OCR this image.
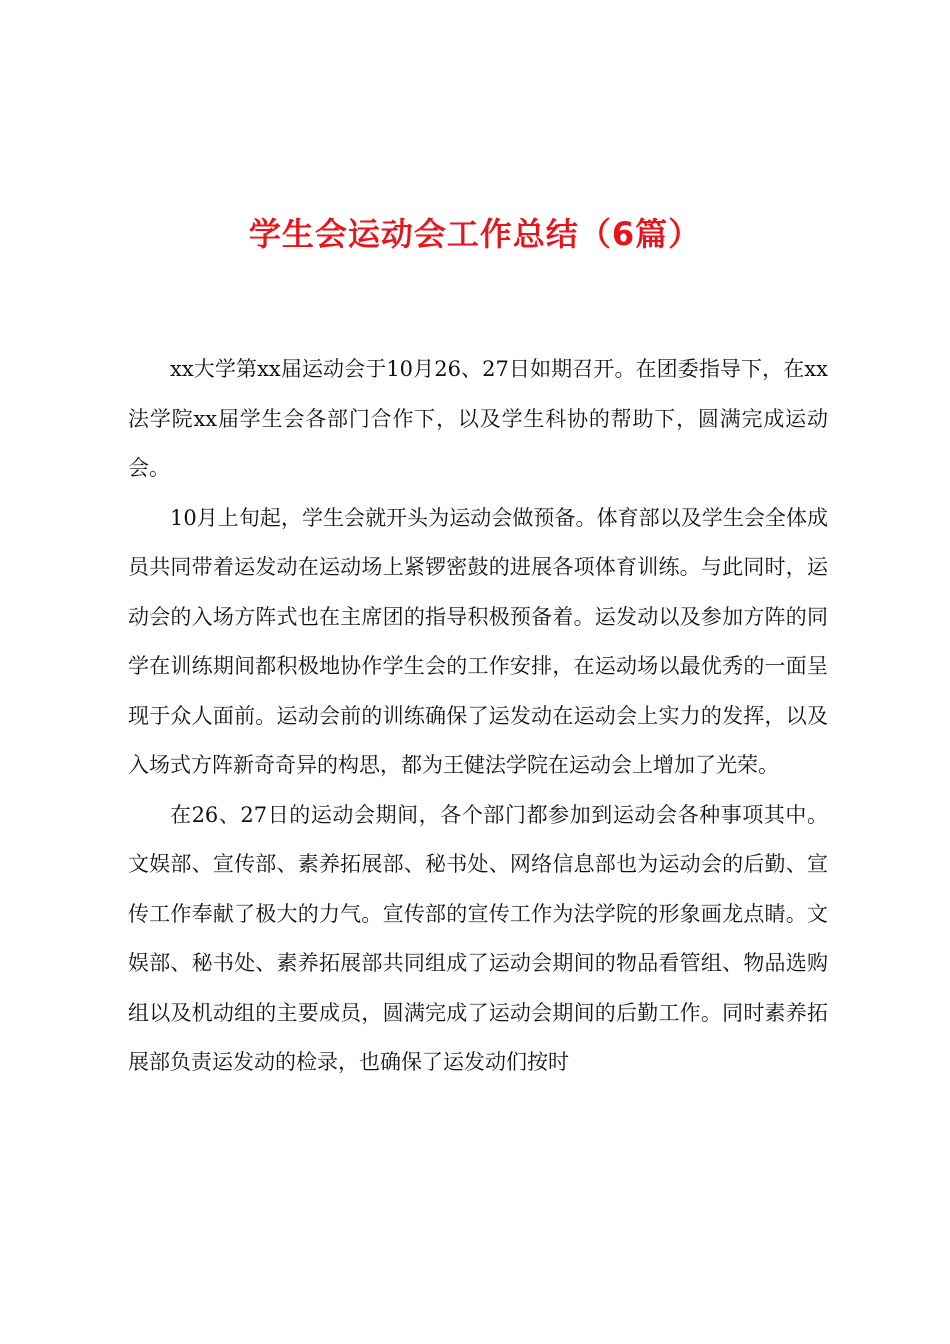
学生会运动会工作总结（6篇）

xx大学第xx届运动会于10月26、27日如期召开。在团委指导下，在xx法学院xx届学生会各部门合作下，以及学生科协的帮助下，圆满完成运动会。

10月上旬起，学生会就开头为运动会做预备。体育部以及学生会全体成员共同带着运发动在运动场上紧锣密鼓的进展各项体育训练。与此同时，运动会的入场方阵式也在主席团的指导积极预备着。运发动以及参加方阵的同学在训练期间都积极地协作学生会的工作安排，在运动场以最优秀的一面呈现于众人面前。运动会前的训练确保了运发动在运动会上实力的发挥，以及入场式方阵新奇奇异的构思，都为王健法学院在运动会上增加了光荣。

在26、27日的运动会期间，各个部门都参加到运动会各种事项其中。文娱部、宣传部、素养拓展部、秘书处、网络信息部也为运动会的后勤、宣传工作奉献了极大的力气。宣传部的宣传工作为法学院的形象画龙点睛。文娱部、秘书处、素养拓展部共同组成了运动会期间的物品看管组、物品选购组以及机动组的主要成员，圆满完成了运动会期间的后勤工作。同时素养拓展部负责运发动的检录，也确保了运发动们按时
